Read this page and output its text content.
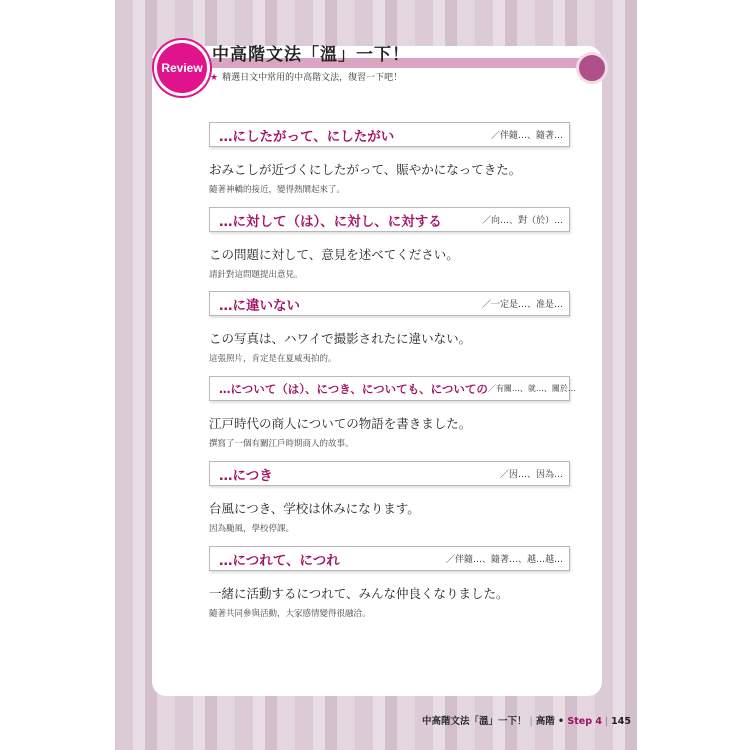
Review
中高階文法「溫」一下！
★ 精選日文中常用的中高階文法，復習一下吧！
…にしたがって、にしたがい	／伴隨…、隨著…
おみこしが近づくにしたがって、賑やかになってきた。
隨著神轎的接近，變得熱鬧起來了。
…に対して（は）、に対し、に対する	／向…、對（於）…
この問題に対して、意見を述べてください。
請針對這問題提出意見。
…に違いない	／一定是…、准是…
この写真は、ハワイで撮影されたに違いない。
這張照片，肯定是在夏威夷拍的。
…について（は）、につき、についても、についての ／有關…、就…、關於…
江戸時代の商人についての物語を書きました。
撰寫了一個有關江戶時期商人的故事。
…につき	／因…、因為…
台風につき、学校は休みになります。
因為颱風，學校停課。
…につれて、につれ	／伴隨…、隨著…、越…越…
一緒に活動するにつれて、みんな仲良くなりました。
隨著共同參與活動，大家感情變得很融洽。
中高階文法「溫」一下！ | 高階 • Step 4 | 145
